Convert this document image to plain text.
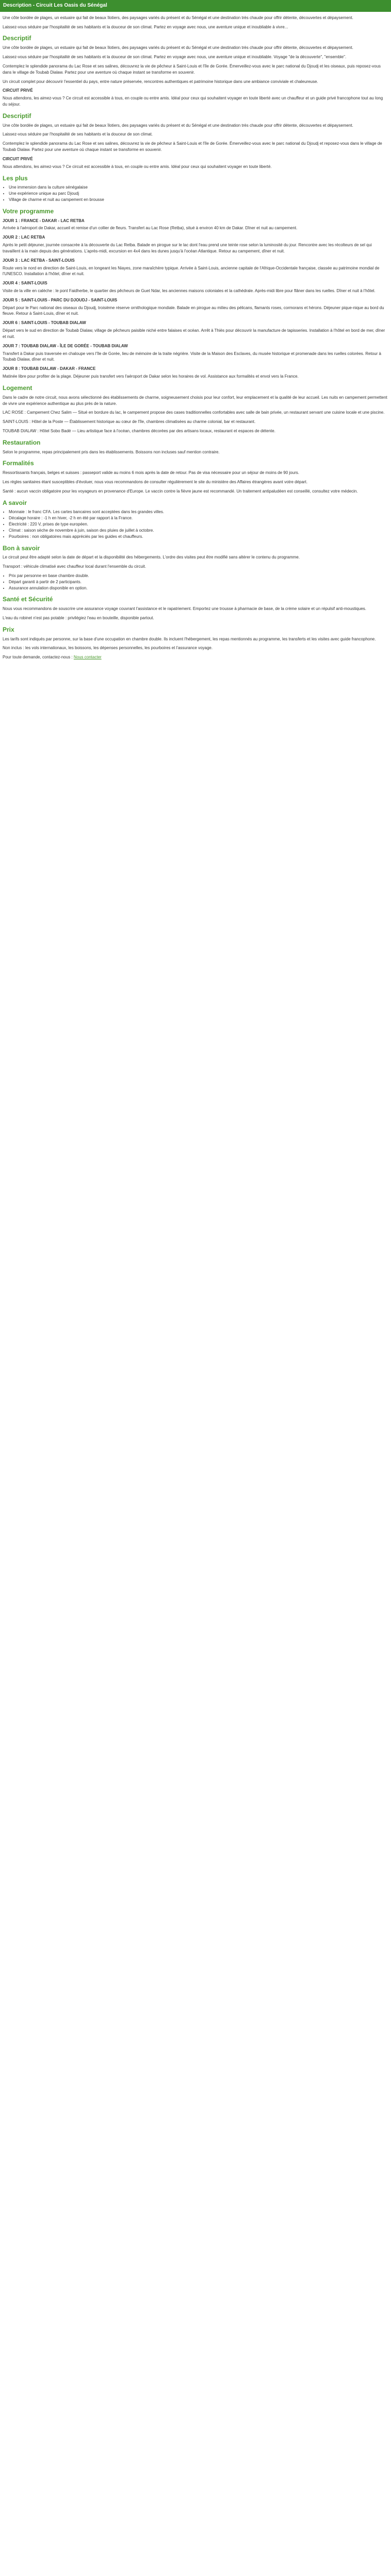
Description - Circuit Les Oasis du Sénégal

Une côte bordée de plages, un estuaire qui fait de beaux îlotiers, des paysages variés du présent et du Sénégal et une destination très chaude pour offrir détente, découvertes et dépaysement.

Laissez-vous séduire par l'hospitalité de ses habitants et la douceur de son climat. Partez en voyage avec nous, une aventure unique et inoubliable à vivre...

Descriptif

Une côte bordée de plages, un estuaire qui fait de beaux îlotiers, des paysages variés du présent et du Sénégal et une destination très chaude pour offrir détente, découvertes et dépaysement.

Laissez-vous séduire par l'hospitalité de ses habitants et la douceur de son climat. Partez en voyage avec nous, une aventure unique et inoubliable. Voyage "de la découverte", "ensemble".

Contemplez le splendide panorama du Lac Rose et ses salines, découvrez la vie de pêcheur à Saint-Louis et l'île de Gorée. Émerveillez-vous avec le parc national du Djoudj et les oiseaux, puis reposez-vous dans le village de Toubab Dialaw. Partez pour une aventure où chaque instant se transforme en souvenir.

Un circuit complet pour découvrir l'essentiel du pays, entre nature préservée, rencontres authentiques et patrimoine historique dans une ambiance conviviale et chaleureuse.

CIRCUIT PRIVÉ

Nous attendons, les aimez-vous ? Ce circuit est accessible à tous, en couple ou entre amis. Idéal pour ceux qui souhaitent voyager en toute liberté avec un chauffeur et un guide privé francophone tout au long du séjour.

Descriptif

Une côte bordée de plages, un estuaire qui fait de beaux îlotiers, des paysages variés du présent et du Sénégal et une destination très chaude pour offrir détente, découvertes et dépaysement.

Laissez-vous séduire par l'hospitalité de ses habitants et la douceur de son climat.

Contemplez le splendide panorama du Lac Rose et ses salines, découvrez la vie de pêcheur à Saint-Louis et l'île de Gorée. Émerveillez-vous avec le parc national du Djoudj et reposez-vous dans le village de Toubab Dialaw. Partez pour une aventure où chaque instant se transforme en souvenir.

CIRCUIT PRIVÉ

Nous attendons, les aimez-vous ? Ce circuit est accessible à tous, en couple ou entre amis. Idéal pour ceux qui souhaitent voyager en toute liberté.

Les plus
• Une immersion dans la culture sénégalaise
• Une expérience unique au parc Djoudj
• Village de charme et nuit au campement en brousse
Votre programme

JOUR 1 : FRANCE - DAKAR - LAC RETBA

Arrivée à l'aéroport de Dakar, accueil et remise d'un collier de fleurs. Transfert au Lac Rose (Retba), situé à environ 40 km de Dakar. Dîner et nuit au campement.

JOUR 2 : LAC RETBA

Après le petit déjeuner, journée consacrée à la découverte du Lac Retba. Balade en pirogue sur le lac dont l'eau prend une teinte rose selon la luminosité du jour. Rencontre avec les récolteurs de sel qui travaillent à la main depuis des générations. L'après-midi, excursion en 4x4 dans les dunes jusqu'à l'océan Atlantique. Retour au campement, dîner et nuit.

JOUR 3 : LAC RETBA - SAINT-LOUIS

Route vers le nord en direction de Saint-Louis, en longeant les Niayes, zone maraîchère typique. Arrivée à Saint-Louis, ancienne capitale de l'Afrique-Occidentale française, classée au patrimoine mondial de l'UNESCO. Installation à l'hôtel, dîner et nuit.

JOUR 4 : SAINT-LOUIS

Visite de la ville en calèche : le pont Faidherbe, le quartier des pêcheurs de Guet Ndar, les anciennes maisons coloniales et la cathédrale. Après-midi libre pour flâner dans les ruelles. Dîner et nuit à l'hôtel.

JOUR 5 : SAINT-LOUIS - PARC DU DJOUDJ - SAINT-LOUIS

Départ pour le Parc national des oiseaux du Djoudj, troisième réserve ornithologique mondiale. Balade en pirogue au milieu des pélicans, flamants roses, cormorans et hérons. Déjeuner pique-nique au bord du fleuve. Retour à Saint-Louis, dîner et nuit.

JOUR 6 : SAINT-LOUIS - TOUBAB DIALAW

Départ vers le sud en direction de Toubab Dialaw, village de pêcheurs paisible niché entre falaises et océan. Arrêt à Thiès pour découvrir la manufacture de tapisseries. Installation à l'hôtel en bord de mer, dîner et nuit.

JOUR 7 : TOUBAB DIALAW - ÎLE DE GORÉE - TOUBAB DIALAW

Transfert à Dakar puis traversée en chaloupe vers l'île de Gorée, lieu de mémoire de la traite négrière. Visite de la Maison des Esclaves, du musée historique et promenade dans les ruelles colorées. Retour à Toubab Dialaw, dîner et nuit.

JOUR 8 : TOUBAB DIALAW - DAKAR - FRANCE

Matinée libre pour profiter de la plage. Déjeuner puis transfert vers l'aéroport de Dakar selon les horaires de vol. Assistance aux formalités et envol vers la France.

Logement

Dans le cadre de notre circuit, nous avons sélectionné des établissements de charme, soigneusement choisis pour leur confort, leur emplacement et la qualité de leur accueil. Les nuits en campement permettent de vivre une expérience authentique au plus près de la nature.

LAC ROSE : Campement Chez Salim — Situé en bordure du lac, le campement propose des cases traditionnelles confortables avec salle de bain privée, un restaurant servant une cuisine locale et une piscine.

SAINT-LOUIS : Hôtel de la Poste — Établissement historique au cœur de l'île, chambres climatisées au charme colonial, bar et restaurant.

TOUBAB DIALAW : Hôtel Sobo Badé — Lieu artistique face à l'océan, chambres décorées par des artisans locaux, restaurant et espaces de détente.

Restauration

Selon le programme, repas principalement pris dans les établissements. Boissons non incluses sauf mention contraire.

Formalités

Ressortissants français, belges et suisses : passeport valide au moins 6 mois après la date de retour. Pas de visa nécessaire pour un séjour de moins de 90 jours.

Les règles sanitaires étant susceptibles d'évoluer, nous vous recommandons de consulter régulièrement le site du ministère des Affaires étrangères avant votre départ.

Santé : aucun vaccin obligatoire pour les voyageurs en provenance d'Europe. Le vaccin contre la fièvre jaune est recommandé. Un traitement antipaludéen est conseillé, consultez votre médecin.

A savoir
• Monnaie : le franc CFA. Les cartes bancaires sont acceptées dans les grandes villes.
• Décalage horaire : -1 h en hiver, -2 h en été par rapport à la France.
• Électricité : 220 V, prises de type européen.
• Climat : saison sèche de novembre à juin, saison des pluies de juillet à octobre.
• Pourboires : non obligatoires mais appréciés par les guides et chauffeurs.
Bon à savoir

Le circuit peut être adapté selon la date de départ et la disponibilité des hébergements. L'ordre des visites peut être modifié sans altérer le contenu du programme.

Transport : véhicule climatisé avec chauffeur local durant l'ensemble du circuit.

• Prix par personne en base chambre double.
• Départ garanti à partir de 2 participants.
• Assurance annulation disponible en option.
Santé et Sécurité

Nous vous recommandons de souscrire une assurance voyage couvrant l'assistance et le rapatriement. Emportez une trousse à pharmacie de base, de la crème solaire et un répulsif anti-moustiques.

L'eau du robinet n'est pas potable : privilégiez l'eau en bouteille, disponible partout.

Prix

Les tarifs sont indiqués par personne, sur la base d'une occupation en chambre double. Ils incluent l'hébergement, les repas mentionnés au programme, les transferts et les visites avec guide francophone.

Non inclus : les vols internationaux, les boissons, les dépenses personnelles, les pourboires et l'assurance voyage.

Pour toute demande, contactez-nous : Nous contacter
